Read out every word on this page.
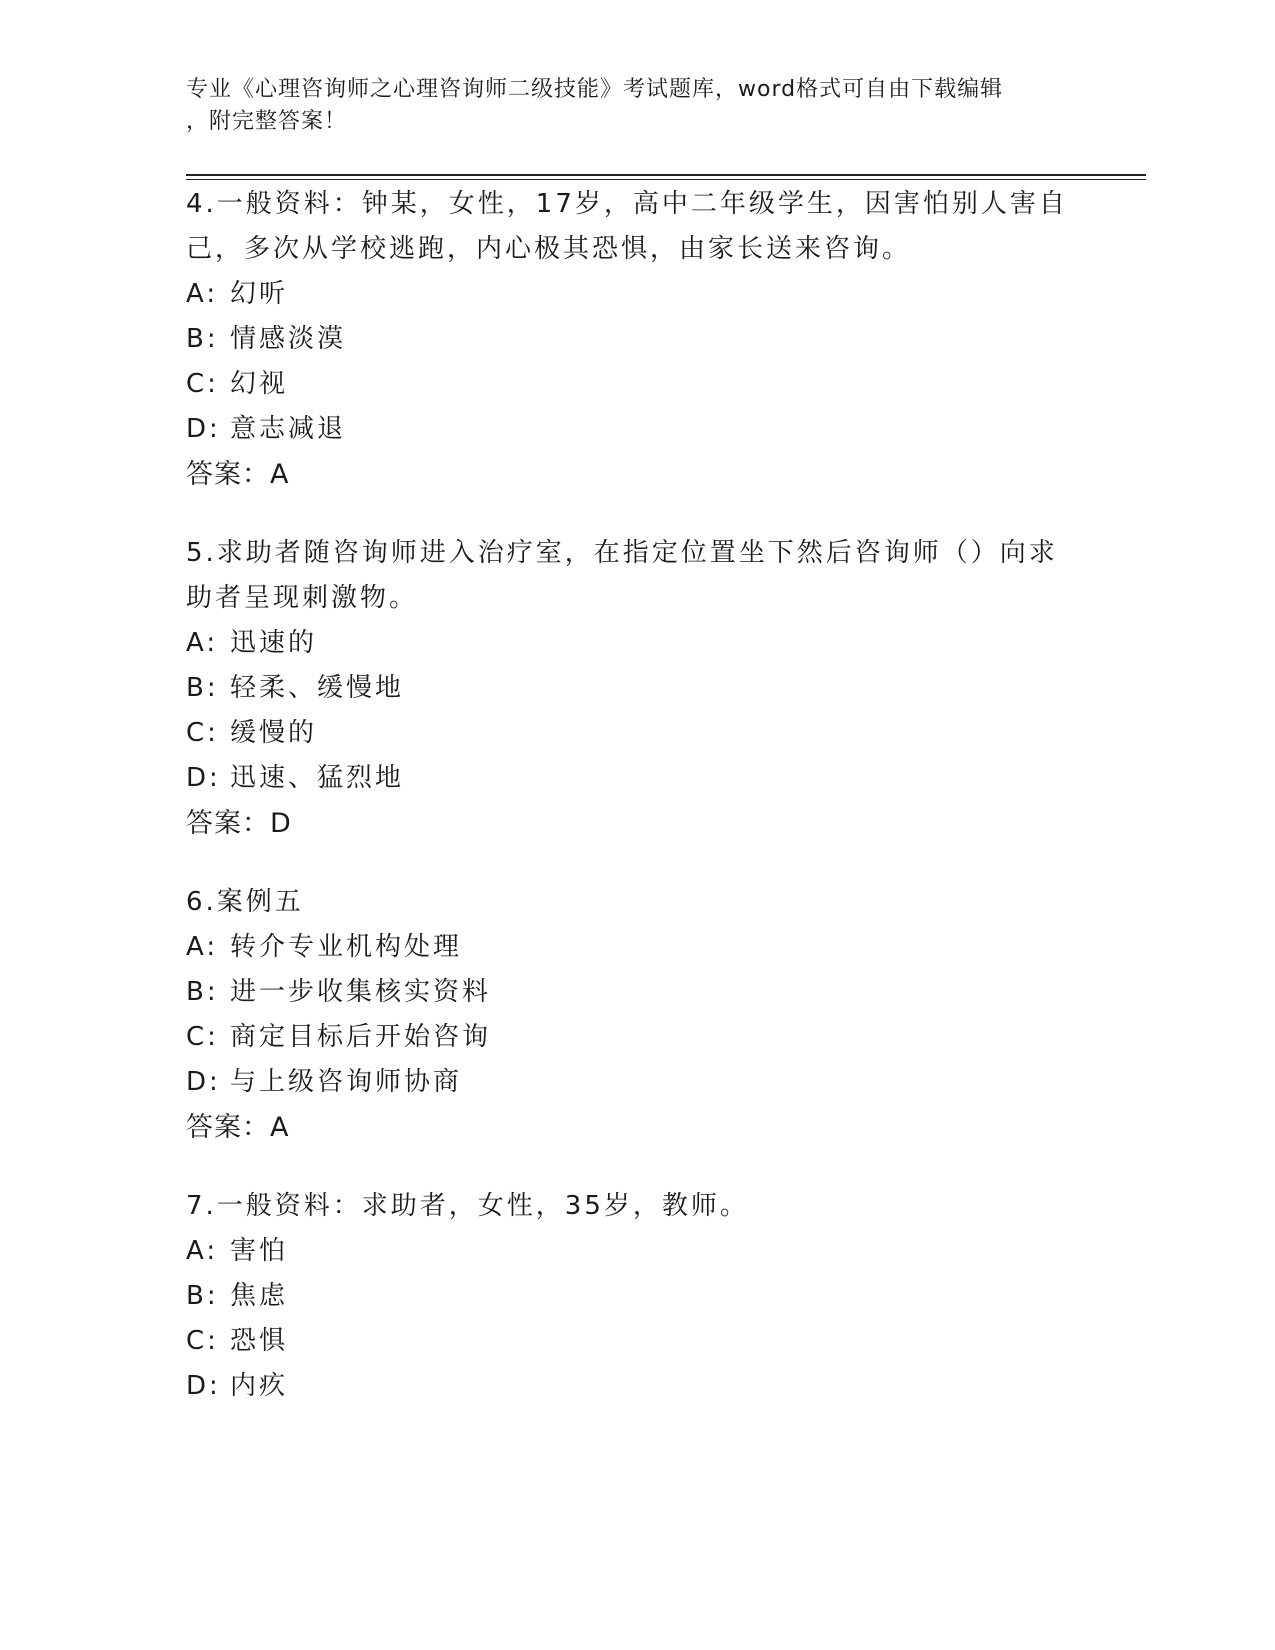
专业《心理咨询师之心理咨询师二级技能》考试题库，word格式可自由下载编辑
，附完整答案！
4.一般资料：钟某，女性，17岁，高中二年级学生，因害怕别人害自
己，多次从学校逃跑，内心极其恐惧，由家长送来咨询。
A: 幻听
B: 情感淡漠
C: 幻视
D: 意志减退
答案：A
5.求助者随咨询师进入治疗室，在指定位置坐下然后咨询师（）向求
助者呈现刺激物。
A: 迅速的
B: 轻柔、缓慢地
C: 缓慢的
D: 迅速、猛烈地
答案：D
6.案例五
A: 转介专业机构处理
B: 进一步收集核实资料
C: 商定目标后开始咨询
D: 与上级咨询师协商
答案：A
7.一般资料：求助者，女性，35岁，教师。
A: 害怕
B: 焦虑
C: 恐惧
D: 内疚
